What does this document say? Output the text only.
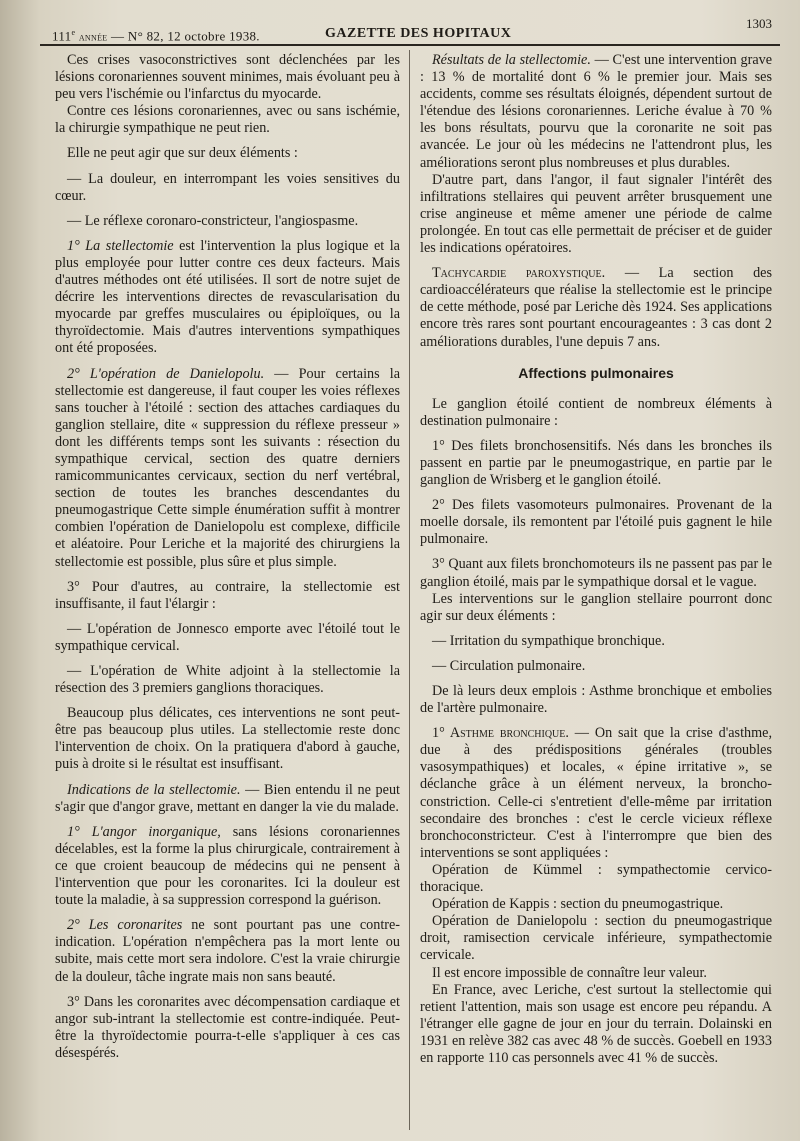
111e année — N° 82, 12 octobre 1938.	GAZETTE DES HOPITAUX
1303

Ces crises vasoconstrictives sont déclenchées par les lésions coronariennes souvent minimes, mais évoluant peu à peu vers l'ischémie ou l'infarctus du myocarde.

Contre ces lésions coronariennes, avec ou sans ischémie, la chirurgie sympathique ne peut rien.

Elle ne peut agir que sur deux éléments :

— La douleur, en interrompant les voies sensitives du cœur.

— Le réflexe coronaro-constricteur, l'angiospasme.

1° La stellectomie est l'intervention la plus logique et la plus employée pour lutter contre ces deux facteurs. Mais d'autres méthodes ont été utilisées. Il sort de notre sujet de décrire les interventions directes de revascularisation du myocarde par greffes musculaires ou épiploïques, ou la thyroïdectomie. Mais d'autres interventions sympathiques ont été proposées.

2° L'opération de Danielopolu. — Pour certains la stellectomie est dangereuse, il faut couper les voies réflexes sans toucher à l'étoilé : section des attaches cardiaques du ganglion stellaire, dite « suppression du réflexe presseur » dont les différents temps sont les suivants : résection du sympathique cervical, section des quatre derniers ramicommunicantes cervicaux, section du nerf vertébral, section de toutes les branches descendantes du pneumogastrique Cette simple énumération suffit à montrer combien l'opération de Danielopolu est complexe, difficile et aléatoire. Pour Leriche et la majorité des chirurgiens la stellectomie est possible, plus sûre et plus simple.

3° Pour d'autres, au contraire, la stellectomie est insuffisante, il faut l'élargir :

— L'opération de Jonnesco emporte avec l'étoilé tout le sympathique cervical.

— L'opération de White adjoint à la stellectomie la résection des 3 premiers ganglions thoraciques.

Beaucoup plus délicates, ces interventions ne sont peut-être pas beaucoup plus utiles. La stellectomie reste donc l'intervention de choix. On la pratiquera d'abord à gauche, puis à droite si le résultat est insuffisant.

Indications de la stellectomie. — Bien entendu il ne peut s'agir que d'angor grave, mettant en danger la vie du malade.

1° L'angor inorganique, sans lésions coronariennes décelables, est la forme la plus chirurgicale, contrairement à ce que croient beaucoup de médecins qui ne pensent à l'intervention que pour les coronarites. Ici la douleur est toute la maladie, à sa suppression correspond la guérison.

2° Les coronarites ne sont pourtant pas une contre-indication. L'opération n'empêchera pas la mort lente ou subite, mais cette mort sera indolore. C'est la vraie chirurgie de la douleur, tâche ingrate mais non sans beauté.

3° Dans les coronarites avec décompensation cardiaque et angor sub-intrant la stellectomie est contre-indiquée. Peut-être la thyroïdectomie pourra-t-elle s'appliquer à ces cas désespérés.

Résultats de la stellectomie. — C'est une intervention grave : 13 % de mortalité dont 6 % le premier jour. Mais ses accidents, comme ses résultats éloignés, dépendent surtout de l'étendue des lésions coronariennes. Leriche évalue à 70 % les bons résultats, pourvu que la coronarite ne soit pas avancée. Le jour où les médecins ne l'attendront plus, les améliorations seront plus nombreuses et plus durables.

D'autre part, dans l'angor, il faut signaler l'intérêt des infiltrations stellaires qui peuvent arrêter brusquement une crise angineuse et même amener une période de calme prolongée. En tout cas elle permettait de préciser et de guider les indications opératoires.

Tachycardie paroxystique. — La section des cardioaccélérateurs que réalise la stellectomie est le principe de cette méthode, posé par Leriche dès 1924. Ses applications encore très rares sont pourtant encourageantes : 3 cas dont 2 améliorations durables, l'une depuis 7 ans.

Affections pulmonaires

Le ganglion étoilé contient de nombreux éléments à destination pulmonaire :

1° Des filets bronchosensitifs. Nés dans les bronches ils passent en partie par le pneumogastrique, en partie par le ganglion de Wrisberg et le ganglion étoilé.

2° Des filets vasomoteurs pulmonaires. Provenant de la moelle dorsale, ils remontent par l'étoilé puis gagnent le hile pulmonaire.

3° Quant aux filets bronchomoteurs ils ne passent pas par le ganglion étoilé, mais par le sympathique dorsal et le vague.

Les interventions sur le ganglion stellaire pourront donc agir sur deux éléments :

— Irritation du sympathique bronchique.

— Circulation pulmonaire.

De là leurs deux emplois : Asthme bronchique et embolies de l'artère pulmonaire.

1° Asthme bronchique. — On sait que la crise d'asthme, due à des prédispositions générales (troubles vasosympathiques) et locales, « épine irritative », se déclanche grâce à un élément nerveux, la broncho-constriction. Celle-ci s'entretient d'elle-même par irritation secondaire des bronches : c'est le cercle vicieux réflexe bronchoconstricteur. C'est à l'interrompre que bien des interventions se sont appliquées :

Opération de Kümmel : sympathectomie cervico-thoracique.

Opération de Kappis : section du pneumogastrique.

Opération de Danielopolu : section du pneumogastrique droit, ramisection cervicale inférieure, sympathectomie cervicale.

Il est encore impossible de connaître leur valeur.

En France, avec Leriche, c'est surtout la stellectomie qui retient l'attention, mais son usage est encore peu répandu. A l'étranger elle gagne de jour en jour du terrain. Dolainski en 1931 en relève 382 cas avec 48 % de succès. Goebell en 1933 en rapporte 110 cas personnels avec 41 % de succès.
